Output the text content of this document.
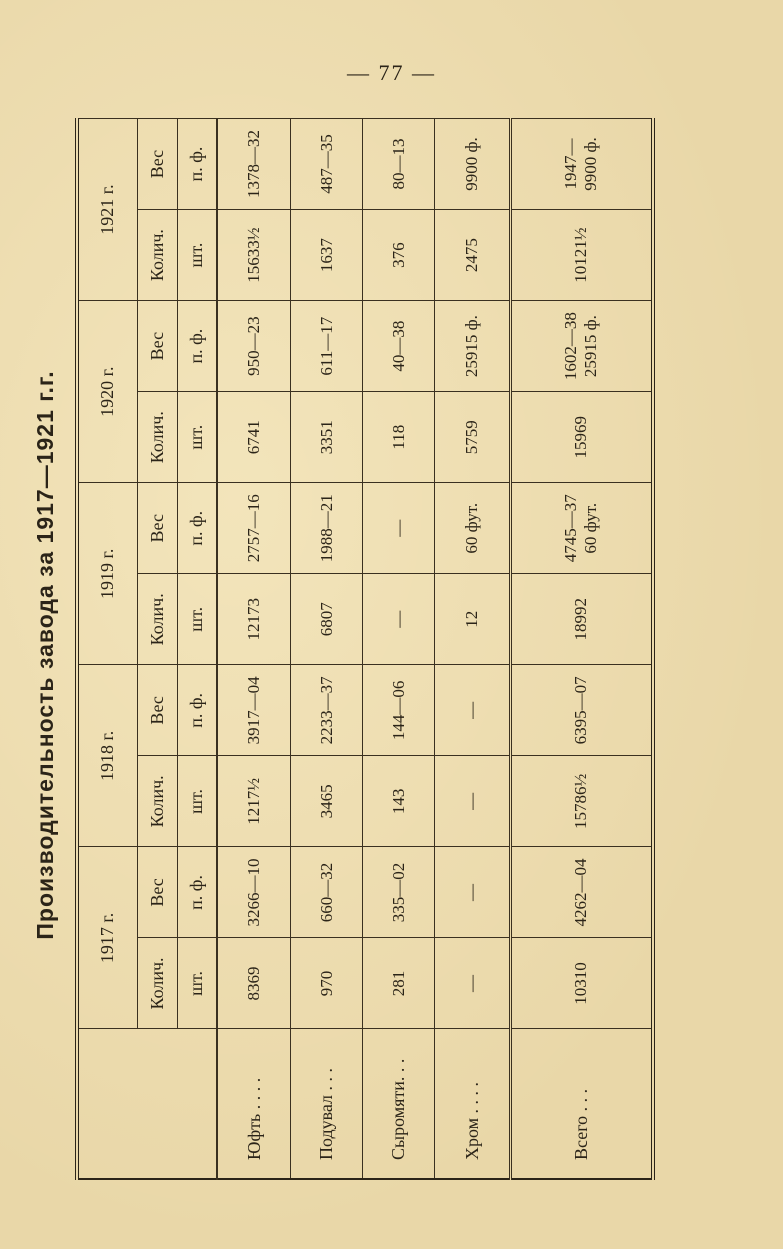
— 77 —
Производительность завода за 1917—1921 г.г.
	1917 г.		1918 г.		1919 г.		1920 г.		1921 г.	
	Колич.	Вес	Колич.	Вес	Колич.	Вес	Колич.	Вес	Колич.	Вес
	шт.	п. ф.	шт.	п. ф.	шт.	п. ф.	шт.	п. ф.	шт.	п. ф.
Юфть . . . .	8369	3266—10	1217½	3917—04	12173	2757—16	6741	950—23	15633½	1378—32
Подувал . . .	970	660—32	3465	2233—37	6807	1988—21	3351	611—17	1637	487—35
Сыромяти. . .	281	335—02	143	144—06	—	—	118	40—38	376	80—13
Хром . . . .	—	—	—	—	12	60 фут.	5759	25915 ф.	2475	9900 ф.
Всего . . .	10310	4262—04	15786½	6395—07	18992	4745—37 60 фут.	15969	1602—38 25915 ф.	10121½	1947— 9900 ф.
